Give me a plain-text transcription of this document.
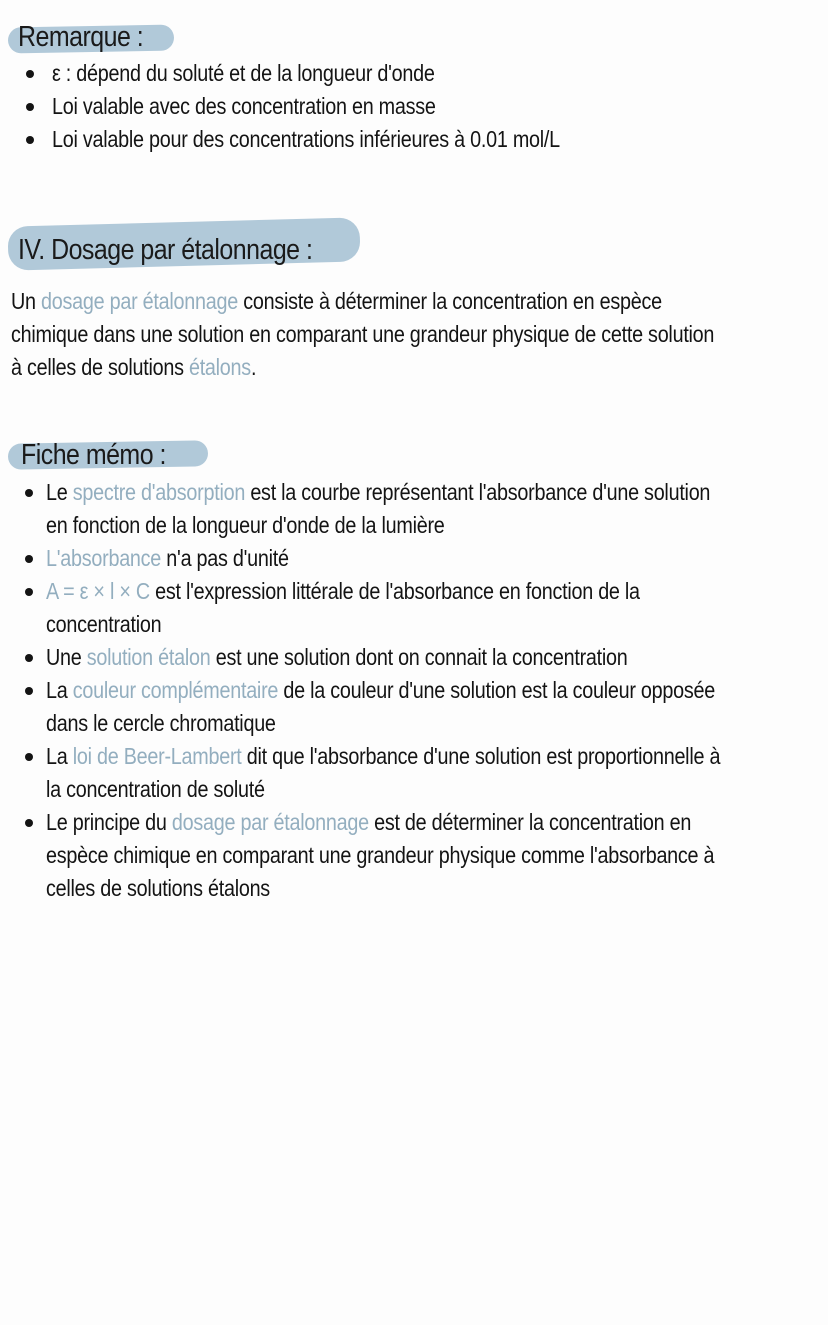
Remarque :
ε : dépend du soluté et de la longueur d'onde
Loi valable avec des concentration en masse
Loi valable pour des concentrations inférieures à 0.01 mol/L
IV. Dosage par étalonnage :
Un dosage par étalonnage consiste à déterminer la concentration en espèce
chimique dans une solution en comparant une grandeur physique de cette solution
à celles de solutions étalons.
Fiche mémo :
Le spectre d'absorption est la courbe représentant l'absorbance d'une solution
en fonction de la longueur d'onde de la lumière
L'absorbance n'a pas d'unité
A = ε × l × C est l'expression littérale de l'absorbance en fonction de la
concentration
Une solution étalon est une solution dont on connait la concentration
La couleur complémentaire de la couleur d'une solution est la couleur opposée
dans le cercle chromatique
La loi de Beer-Lambert dit que l'absorbance d'une solution est proportionnelle à
la concentration de soluté
Le principe du dosage par étalonnage est de déterminer la concentration en
espèce chimique en comparant une grandeur physique comme l'absorbance à
celles de solutions étalons
